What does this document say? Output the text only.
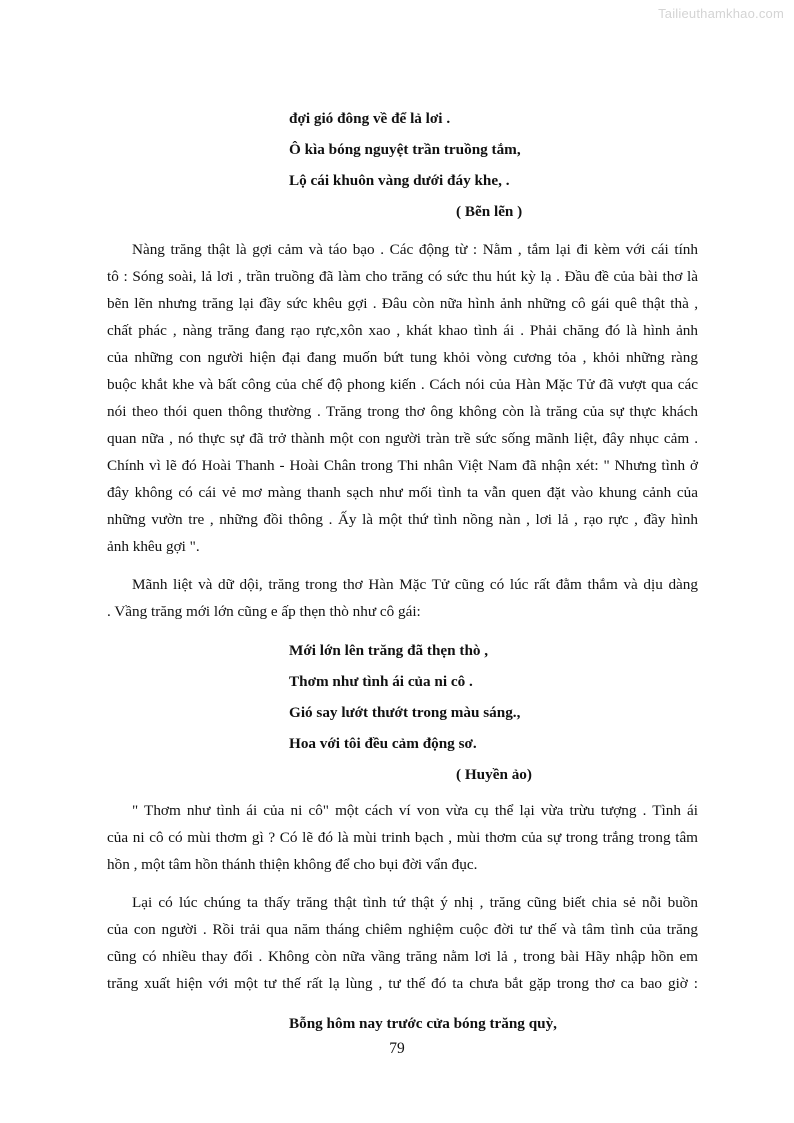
Tailieuthamkhao.com
đợi gió đông về để lả lơi .
Ô kìa bóng nguyệt trần truồng tắm,
Lộ cái khuôn vàng dưới đáy khe, .
( Bẽn lẽn )
Nàng trăng thật là gợi cảm và táo bạo . Các động từ : Nằm , tắm lại đi kèm với cái tính
tô : Sóng soài, lả lơi , trần truồng đã làm cho trăng có sức thu hút kỳ lạ . Đầu đề của bài thơ là
bẽn lẽn nhưng trăng lại đầy sức khêu gợi . Đâu còn nữa hình ảnh những cô gái quê thật thà ,
chất phác , nàng trăng đang rạo rực,xôn xao , khát khao tình ái . Phải chăng đó là hình ảnh
của những con người hiện đại đang muốn bứt tung khỏi vòng cương tỏa , khỏi những ràng
buộc khắt khe và bất công của chế độ phong kiến . Cách nói của Hàn Mặc Tử đã vượt qua các
nói theo thói quen thông thường . Trăng trong thơ ông không còn là trăng của sự thực khách
quan nữa , nó thực sự đã trở thành một con người tràn trề sức sống mãnh liệt, đây nhục cảm .
Chính vì lẽ đó Hoài Thanh - Hoài Chân trong Thi nhân Việt Nam đã nhận xét: " Nhưng tình ở
đây không có cái vẻ mơ màng thanh sạch như mối tình ta vẫn quen đặt vào khung cảnh của
những vườn tre , những đồi thông . Ấy là một thứ tình nồng nàn , lơi lả , rạo rực , đầy hình
ảnh khêu gợi ".
Mãnh liệt và dữ dội, trăng trong thơ Hàn Mặc Tử cũng có lúc rất đằm thắm và dịu dàng
. Vầng trăng mới lớn cũng e ấp thẹn thò như cô gái:
Mới lớn lên trăng đã thẹn thò ,
Thơm như tình ái của ni cô .
Gió say lướt thướt trong màu sáng.,
Hoa với tôi đều cảm động sơ.
( Huyền ảo)
" Thơm như tình ái của ni cô" một cách ví von vừa cụ thể lại vừa trừu tượng . Tình ái
của ni cô có mùi thơm gì ? Có lẽ đó là mùi trinh bạch , mùi thơm của sự trong trắng trong tâm
hồn , một tâm hồn thánh thiện không để cho bụi đời vẩn đục.
Lại có lúc chúng ta thấy trăng thật tình tứ thật ý nhị , trăng cũng biết chia sẻ nỗi buồn
của con người . Rồi trải qua năm tháng chiêm nghiệm cuộc đời tư thế và tâm tình của trăng
cũng có nhiều thay đổi . Không còn nữa vầng trăng nằm lơi lả , trong bài Hãy nhập hồn em
trăng xuất hiện với một tư thế rất lạ lùng , tư thế đó ta chưa bắt gặp trong thơ ca bao giờ :
Bỗng hôm nay trước cửa bóng trăng quỳ,
79
